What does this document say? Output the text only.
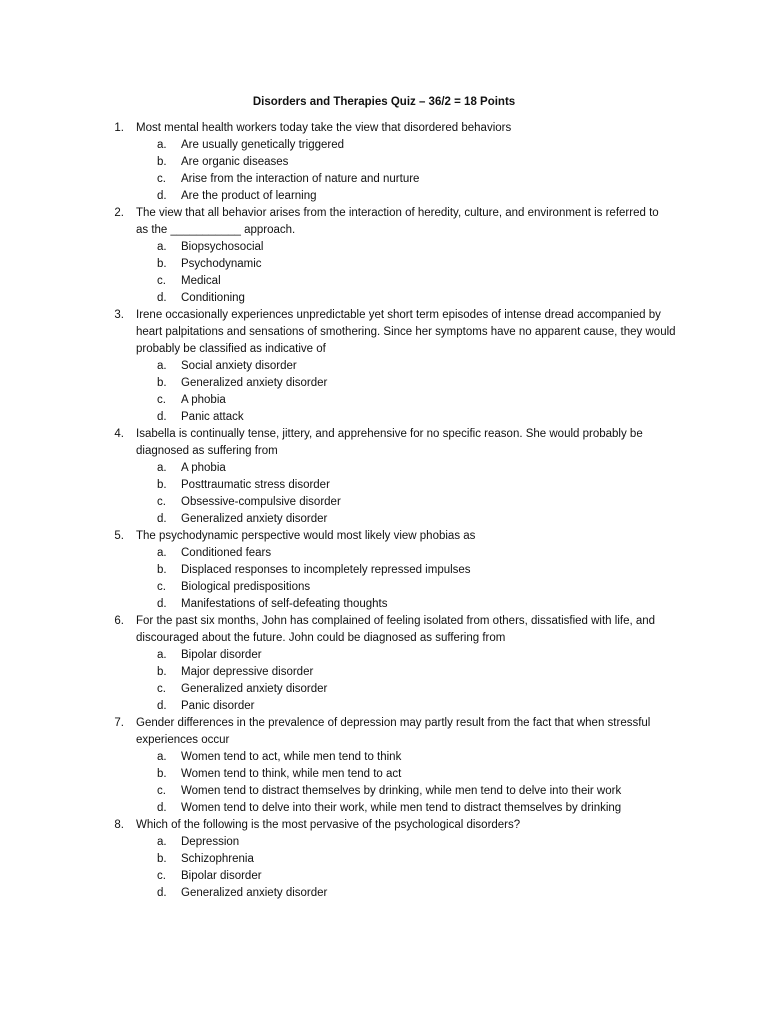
Disorders and Therapies Quiz – 36/2 = 18 Points
1. Most mental health workers today take the view that disordered behaviors
a. Are usually genetically triggered
b. Are organic diseases
c. Arise from the interaction of nature and nurture
d. Are the product of learning
2. The view that all behavior arises from the interaction of heredity, culture, and environment is referred to
as the ___________ approach.
a. Biopsychosocial
b. Psychodynamic
c. Medical
d. Conditioning
3. Irene occasionally experiences unpredictable yet short term episodes of intense dread accompanied by
heart palpitations and sensations of smothering. Since her symptoms have no apparent cause, they would
probably be classified as indicative of
a. Social anxiety disorder
b. Generalized anxiety disorder
c. A phobia
d. Panic attack
4. Isabella is continually tense, jittery, and apprehensive for no specific reason. She would probably be
diagnosed as suffering from
a. A phobia
b. Posttraumatic stress disorder
c. Obsessive-compulsive disorder
d. Generalized anxiety disorder
5. The psychodynamic perspective would most likely view phobias as
a. Conditioned fears
b. Displaced responses to incompletely repressed impulses
c. Biological predispositions
d. Manifestations of self-defeating thoughts
6. For the past six months, John has complained of feeling isolated from others, dissatisfied with life, and
discouraged about the future. John could be diagnosed as suffering from
a. Bipolar disorder
b. Major depressive disorder
c. Generalized anxiety disorder
d. Panic disorder
7. Gender differences in the prevalence of depression may partly result from the fact that when stressful
experiences occur
a. Women tend to act, while men tend to think
b. Women tend to think, while men tend to act
c. Women tend to distract themselves by drinking, while men tend to delve into their work
d. Women tend to delve into their work, while men tend to distract themselves by drinking
8. Which of the following is the most pervasive of the psychological disorders?
a. Depression
b. Schizophrenia
c. Bipolar disorder
d. Generalized anxiety disorder
